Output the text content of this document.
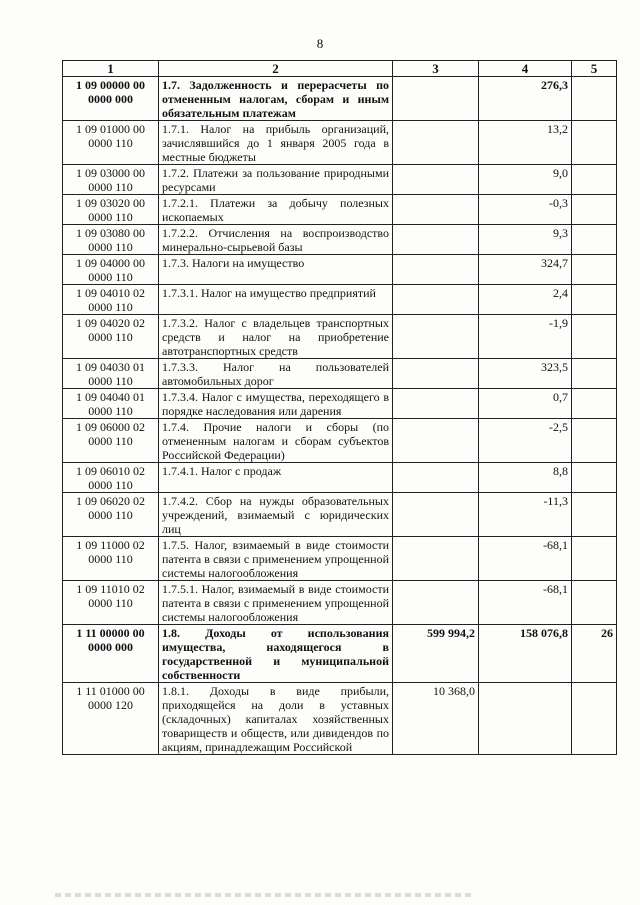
8
1	2	3	4	5
1 09 00000 00 0000 000	1.7. Задолженность и перерасчеты по отмененным налогам, сборам и иным обязательным платежам		276,3	
1 09 01000 00 0000 110	1.7.1. Налог на прибыль организаций, зачислявшийся до 1 января 2005 года в местные бюджеты		13,2	
1 09 03000 00 0000 110	1.7.2. Платежи за пользование природными ресурсами		9,0	
1 09 03020 00 0000 110	1.7.2.1. Платежи за добычу полезных ископаемых		-0,3	
1 09 03080 00 0000 110	1.7.2.2. Отчисления на воспроизводство минерально-сырьевой базы		9,3	
1 09 04000 00 0000 110	1.7.3. Налоги на имущество		324,7	
1 09 04010 02 0000 110	1.7.3.1. Налог на имущество предприятий		2,4	
1 09 04020 02 0000 110	1.7.3.2. Налог с владельцев транспортных средств и налог на приобретение автотранспортных средств		-1,9	
1 09 04030 01 0000 110	1.7.3.3. Налог на пользователей автомобильных дорог		323,5	
1 09 04040 01 0000 110	1.7.3.4. Налог с имущества, переходящего в порядке наследования или дарения		0,7	
1 09 06000 02 0000 110	1.7.4. Прочие налоги и сборы (по отмененным налогам и сборам субъектов Российской Федерации)		-2,5	
1 09 06010 02 0000 110	1.7.4.1. Налог с продаж		8,8	
1 09 06020 02 0000 110	1.7.4.2. Сбор на нужды образовательных учреждений, взимаемый с юридических лиц		-11,3	
1 09 11000 02 0000 110	1.7.5. Налог, взимаемый в виде стоимости патента в связи с применением упрощенной системы налогообложения		-68,1	
1 09 11010 02 0000 110	1.7.5.1. Налог, взимаемый в виде стоимости патента в связи с применением упрощенной системы налогообложения		-68,1	
1 11 00000 00 0000 000	1.8. Доходы от использования имущества, находящегося в государственной и муниципальной собственности	599 994,2	158 076,8	26
1 11 01000 00 0000 120	1.8.1. Доходы в виде прибыли, приходящейся на доли в уставных (складочных) капиталах хозяйственных товариществ и обществ, или дивидендов по акциям, принадлежащим Российской	10 368,0		
